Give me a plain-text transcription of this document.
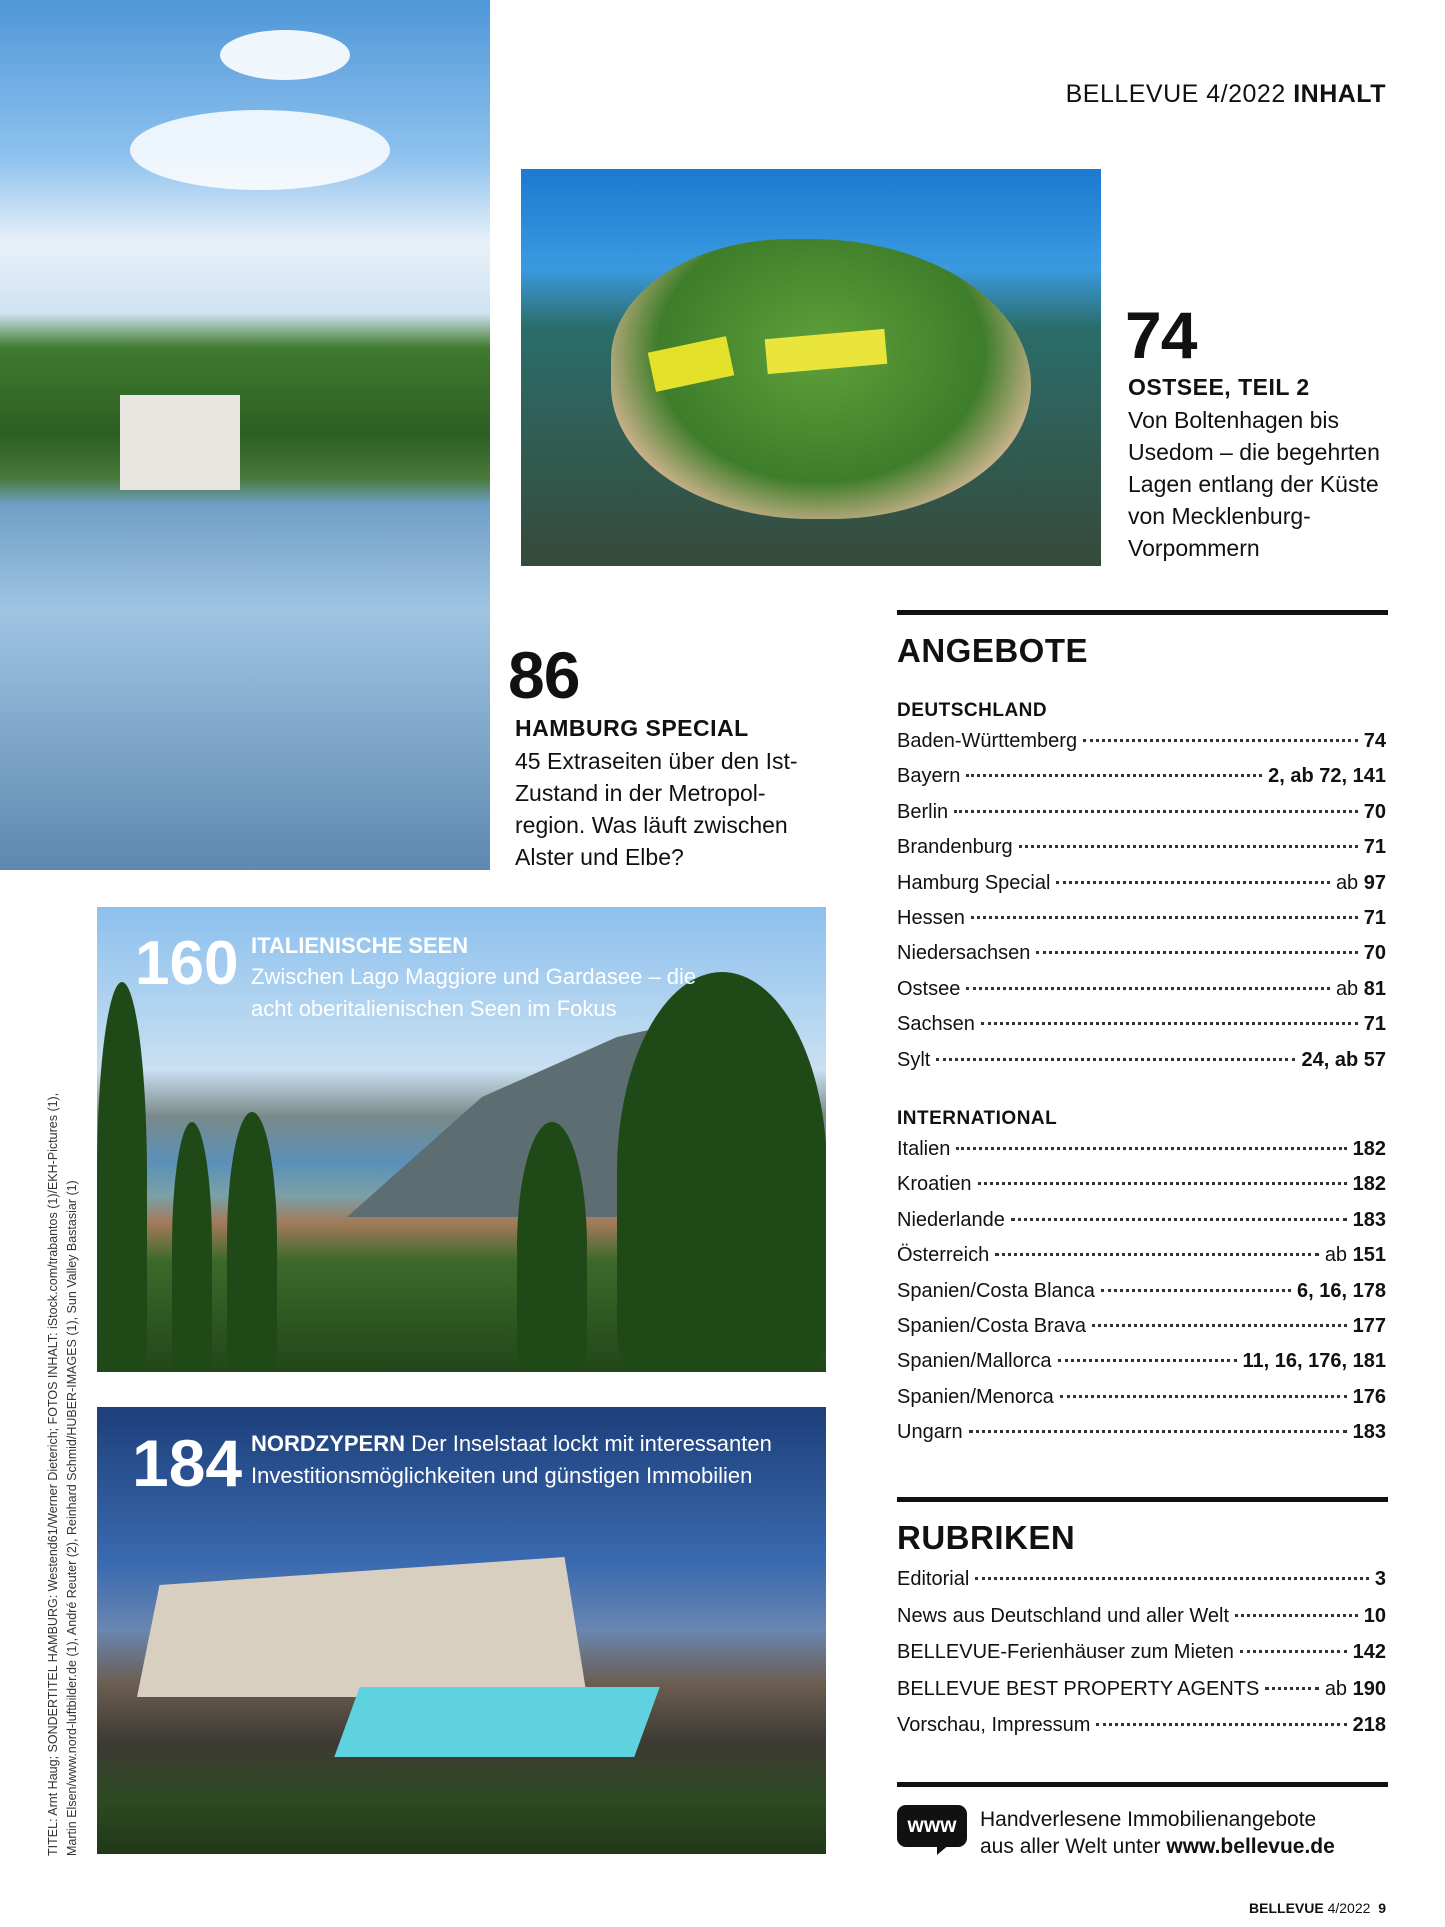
BELLEVUE 4/2022 INHALT
74
OSTSEE, TEIL 2
Von Boltenhagen bis Usedom – die begehrten Lagen entlang der Küste von Mecklenburg-Vorpommern
86
HAMBURG SPECIAL
45 Extraseiten über den Ist-Zustand in der Metropol-region. Was läuft zwischen Alster und Elbe?
160 ITALIENISCHE SEEN
Zwischen Lago Maggiore und Gardasee – die acht oberitalienischen Seen im Fokus
184 NORDZYPERN Der Inselstaat lockt mit interessanten Investitionsmöglichkeiten und günstigen Immobilien
ANGEBOTE
DEUTSCHLAND
Baden-Württemberg	74
Bayern	2, ab 72, 141
Berlin	70
Brandenburg	71
Hamburg Special	ab 97
Hessen	71
Niedersachsen	70
Ostsee	ab 81
Sachsen	71
Sylt	24, ab 57
INTERNATIONAL
Italien	182
Kroatien	182
Niederlande	183
Österreich	ab 151
Spanien/Costa Blanca	6, 16, 178
Spanien/Costa Brava	177
Spanien/Mallorca	11, 16, 176, 181
Spanien/Menorca	176
Ungarn	183
RUBRIKEN
Editorial	3
News aus Deutschland und aller Welt	10
BELLEVUE-Ferienhäuser zum Mieten	142
BELLEVUE BEST PROPERTY AGENTS	ab 190
Vorschau, Impressum	218
www	Handverlesene Immobilienangebote
aus aller Welt unter www.bellevue.de
BELLEVUE 4/2022 9
TITEL: Arnt Haug; SONDERTITEL HAMBURG: Westend61/Werner Dieterich; FOTOS INHALT: iStock.com/trabantos (1)/EKH-Pictures (1), Martin Elsen/www.nord-luftbilder.de (1), André Reuter (2), Reinhard Schmid/HUBER-IMAGES (1), Sun Valley Bastasiar (1)
